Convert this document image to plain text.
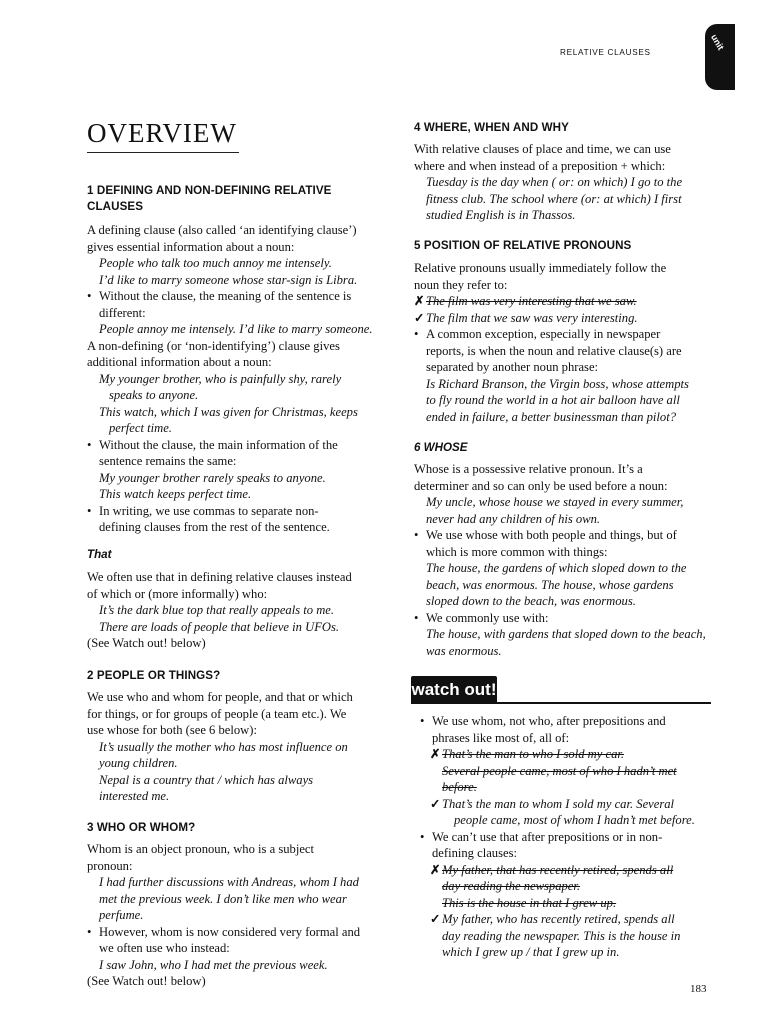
unit
RELATIVE CLAUSES
OVERVIEW

1 DEFINING AND NON-DEFINING RELATIVE

CLAUSES

A defining clause (also called ‘an identifying clause’)

gives essential information about a noun:

People who talk too much annoy me intensely.

I’d like to marry someone whose star-sign is Libra.

• Without the clause, the meaning of the sentence is

different:

People annoy me intensely. I’d like to marry someone.

A non-defining (or ‘non-identifying’) clause gives

additional information about a noun:

My younger brother, who is painfully shy, rarely

speaks to anyone.

This watch, which I was given for Christmas, keeps

perfect time.

• Without the clause, the main information of the

sentence remains the same:

My younger brother rarely speaks to anyone.

This watch keeps perfect time.

• In writing, we use commas to separate non-

defining clauses from the rest of the sentence.

That

We often use that in defining relative clauses instead

of which or (more informally) who:

It’s the dark blue top that really appeals to me.

There are loads of people that believe in UFOs.

(See Watch out! below)

2 PEOPLE OR THINGS?

We use who and whom for people, and that or which

for things, or for groups of people (a team etc.). We

use whose for both (see 6 below):

It’s usually the mother who has most influence on

young children.

Nepal is a country that / which has always

interested me.

3 WHO OR WHOM?

Whom is an object pronoun, who is a subject

pronoun:

I had further discussions with Andreas, whom I had

met the previous week. I don’t like men who wear

perfume.

• However, whom is now considered very formal and

we often use who instead:

I saw John, who I had met the previous week.

(See Watch out! below)

4 WHERE, WHEN AND WHY

With relative clauses of place and time, we can use

where and when instead of a preposition + which:

Tuesday is the day when ( or: on which) I go to the

fitness club. The school where (or: at which) I first

studied English is in Thassos.

5 POSITION OF RELATIVE PRONOUNS

Relative pronouns usually immediately follow the

noun they refer to:

✗The film was very interesting that we saw.

✓The film that we saw was very interesting.

• A common exception, especially in newspaper

reports, is when the noun and relative clause(s) are

separated by another noun phrase:

Is Richard Branson, the Virgin boss, whose attempts

to fly round the world in a hot air balloon have all

ended in failure, a better businessman than pilot?

6 WHOSE

Whose is a possessive relative pronoun. It’s a

determiner and so can only be used before a noun:

My uncle, whose house we stayed in every summer,

never had any children of his own.

• We use whose with both people and things, but of

which is more common with things:

The house, the gardens of which sloped down to the

beach, was enormous. The house, whose gardens

sloped down to the beach, was enormous.

• We commonly use with:

The house, with gardens that sloped down to the beach,

was enormous.

watch out!

• We use whom, not who, after prepositions and

phrases like most of, all of:

✗That’s the man to who I sold my car.

Several people came, most of who I hadn’t met

before.

✓That’s the man to whom I sold my car. Several

people came, most of whom I hadn’t met before.

• We can’t use that after prepositions or in non-

defining clauses:

✗My father, that has recently retired, spends all

day reading the newspaper.

This is the house in that I grew up.

✓My father, who has recently retired, spends all

day reading the newspaper. This is the house in

which I grew up / that I grew up in.

183
